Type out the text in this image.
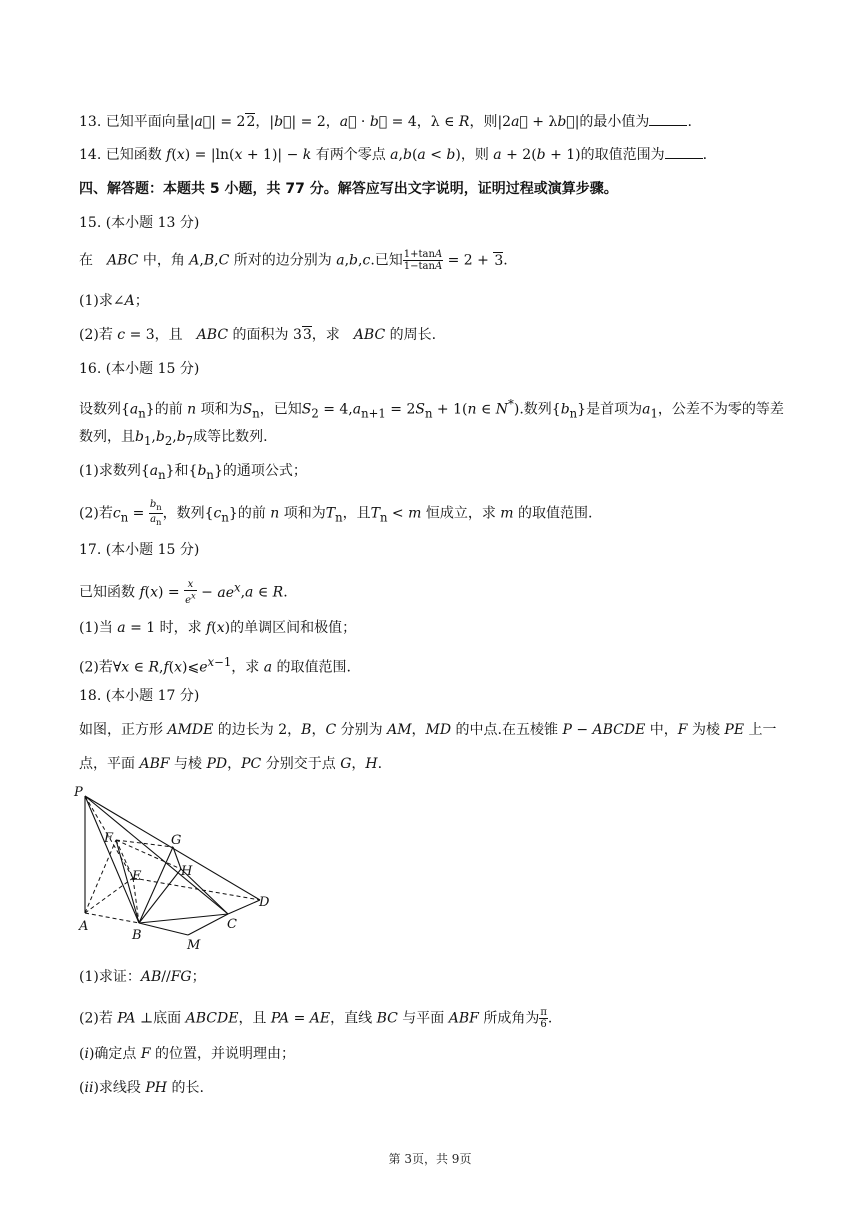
13. 已知平面向量|a⃗| = 22，|b⃗| = 2，a⃗ · b⃗ = 4，λ ∈ R，则|2a⃗ + λb⃗|的最小值为	.
14. 已知函数 f(x) = |ln(x + 1)| − k 有两个零点 a,b(a < b)，则 a + 2(b + 1)的取值范围为	.
四、解答题：本题共 5 小题，共 77 分。解答应写出文字说明，证明过程或演算步骤。
15. (本小题 13 分)
在　ABC 中，角 A,B,C 所对的边分别为 a,b,c.已知 $\frac{1+\tan A}{1-\tan A} = 2 + 3$.
(1)求∠A；
(2)若 c = 3，且　ABC 的面积为 33，求　ABC 的周长.
16. (本小题 15 分)
设数列$\{a_n\}$的前 n 项和为$S_n$，已知$S_2 = 4,a_{n+1} = 2S_n + 1(n$ ∈ N*).数列$\{b_n\}$是首项为$a_1$，公差不为零的等差
数列，且$b_1,b_2,b_7$成等比数列.
(1)求数列$\{a_n\}$和$\{b_n\}$的通项公式；
(2)若$c_n = \frac{b_n}{a_n}$ ，数列$\{c_n\}$的前 n 项和为$T_n$，且$T_n < m$ 恒成立，求 m 的取值范围.
17. (本小题 15 分)
已知函数 $f(x) = \frac{x}{e^x} - ae^x,a$ ∈ R.
(1)当 a = 1 时，求 f(x)的单调区间和极值；
(2)若∀x ∈ $R,f(x)⩽e^{x-1}$，求 a 的取值范围.
18. (本小题 17 分)
如图，正方形 AMDE 的边长为 2，B，C 分别为 AM，MD 的中点.在五棱锥 P − ABCDE 中，F 为棱 PE 上一
点，平面 ABF 与棱 PD，PC 分别交于点 G，H.
P
F	G
E	H
D
A
B
C
M
(1)求证：AB//FG；
(2)若 PA ⊥底面 ABCDE，且 PA = AE，直线 BC 与平面 ABF 所成角为 $\frac{\pi}{6}$ .
(i)确定点 F 的位置，并说明理由；
(ii)求线段 PH 的长.
第 3页，共 9页
